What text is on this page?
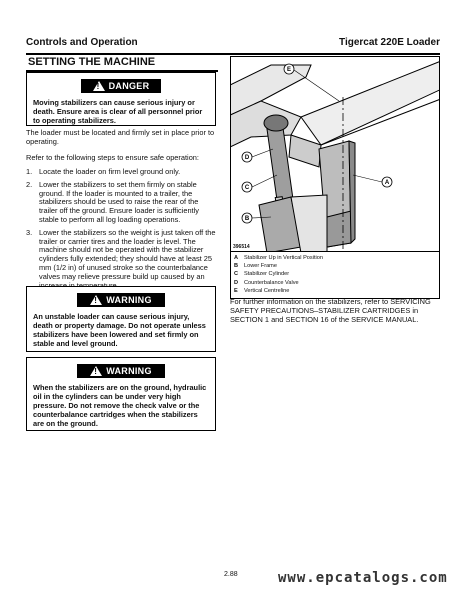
Controls and Operation	Tigercat 220E Loader
SETTING THE MACHINE
!
DANGER
Moving stabilizers can cause serious injury or death. Ensure area is clear of all personnel prior to operating stabilizers.
The loader must be located and firmly set in place prior to operating.
Refer to the following steps to ensure safe operation:
1. Locate the loader on firm level ground only.
2. Lower the stabilizers to set them firmly on stable ground. If the loader is mounted to a trailer, the stabilizers should be used to raise the rear of the trailer off the ground. Ensure loader is sufficiently stable to perform all log loading operations.
3. Lower the stabilizers so the weight is just taken off the trailer or carrier tires and the loader is level. The machine should not be operated with the stabilizer cylinders fully extended; they should have at least 25 mm (1/2 in) of unused stroke so the counterbalance valves may relieve pressure build up caused by an
!
WARNING
An unstable loader can cause serious injury, death or property damage. Do not operate unless stabilizers have been lowered and set firmly on stable and level ground.
!
WARNING
When the stabilizers are on the ground, hydraulic oil in the cylinders can be under very high pressure. Do not remove the check valve or the counterbalance cartridges when the stabilizers are on the ground.
E
D
C
A
B
396514
A	Stabilizer Up in Vertical Position
B	Lower Frame
C	Stabilizer Cylinder
D	Counterbalance Valve
E	Vertical Centreline
For further information on the stabilizers, refer to SERVICING SAFETY PRECAUTIONS–STABILIZER CARTRIDGES in SECTION 1 and SECTION 16 of the SERVICE MANUAL.
2.88	www.epcatalogs.com
